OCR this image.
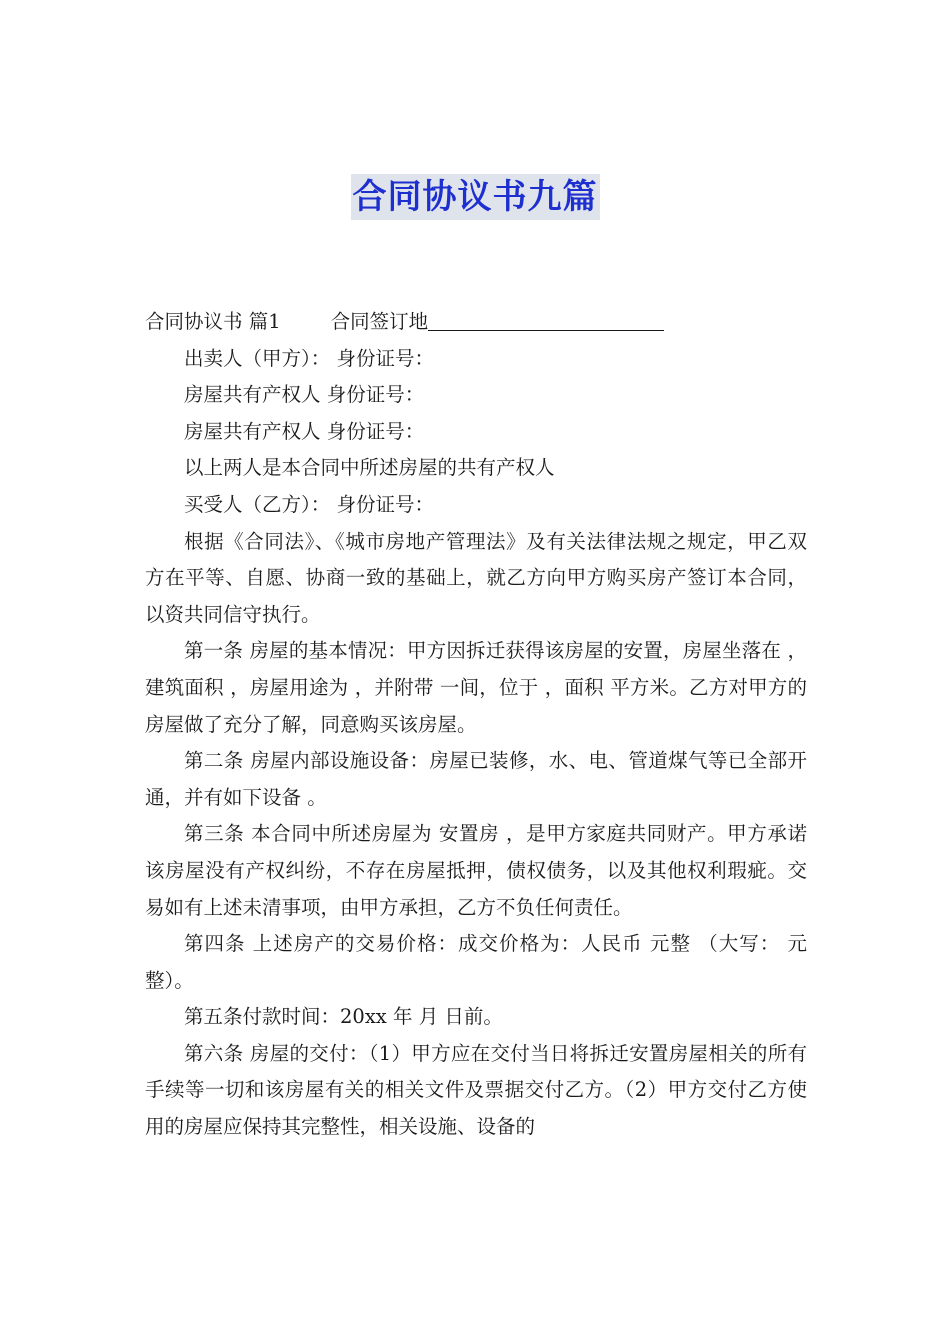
合同协议书九篇

合同协议书 篇1	合同签订地

出卖人（甲方）： 身份证号：

房屋共有产权人 身份证号：

房屋共有产权人 身份证号：

以上两人是本合同中所述房屋的共有产权人

买受人（乙方）： 身份证号：

根据《合同法》、《城市房地产管理法》及有关法律法规之规定，甲乙双方在平等、自愿、协商一致的基础上，就乙方向甲方购买房产签订本合同，以资共同信守执行。

第一条 房屋的基本情况：甲方因拆迁获得该房屋的安置，房屋坐落在 ，建筑面积 ，房屋用途为 ，并附带 一间，位于 ，面积 平方米。乙方对甲方的房屋做了充分了解，同意购买该房屋。

第二条 房屋内部设施设备：房屋已装修，水、电、管道煤气等已全部开通，并有如下设备 。

第三条 本合同中所述房屋为 安置房 ，是甲方家庭共同财产。甲方承诺该房屋没有产权纠纷，不存在房屋抵押，债权债务，以及其他权利瑕疵。交易如有上述未清事项，由甲方承担，乙方不负任何责任。

第四条 上述房产的交易价格：成交价格为：人民币 元整 （大写： 元整）。

第五条付款时间：20xx 年 月 日前。

第六条 房屋的交付：（1）甲方应在交付当日将拆迁安置房屋相关的所有手续等一切和该房屋有关的相关文件及票据交付乙方。（2）甲方交付乙方使用的房屋应保持其完整性，相关设施、设备的
